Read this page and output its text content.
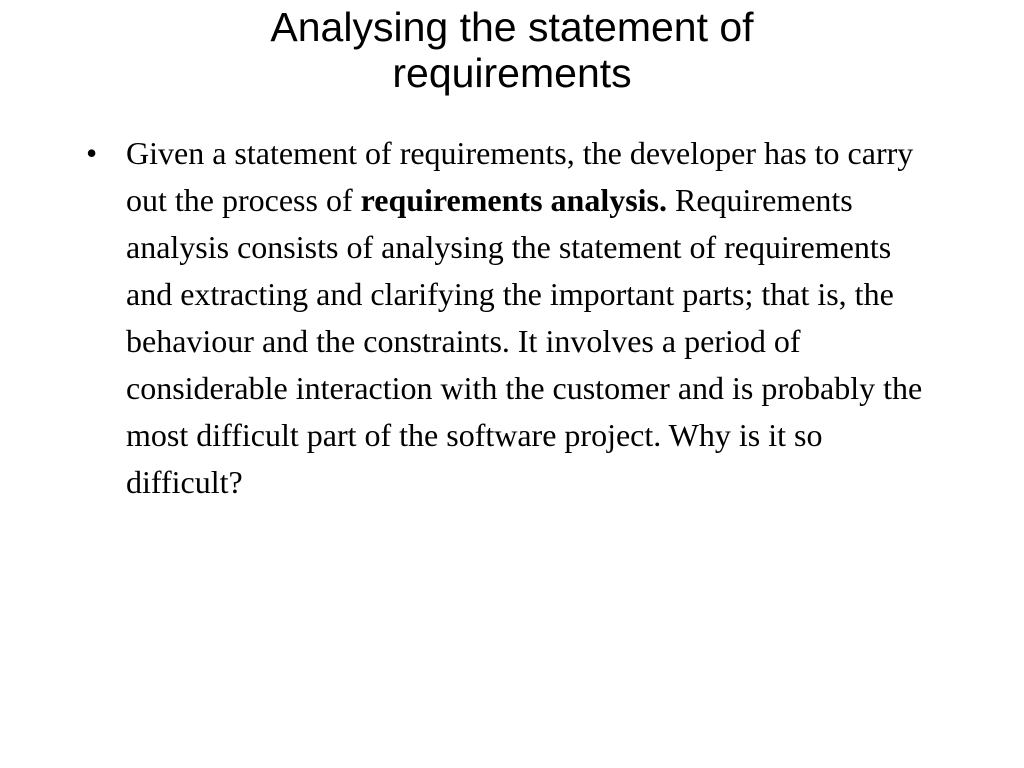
Analysing the statement of
requirements
• Given a statement of requirements, the developer has to carry out the process of requirements analysis. Requirements analysis consists of analysing the statement of requirements and extracting and clarifying the important parts; that is, the behaviour and the constraints. It involves a period of considerable interaction with the customer and is probably the most difficult part of the software project. Why is it so difficult?
